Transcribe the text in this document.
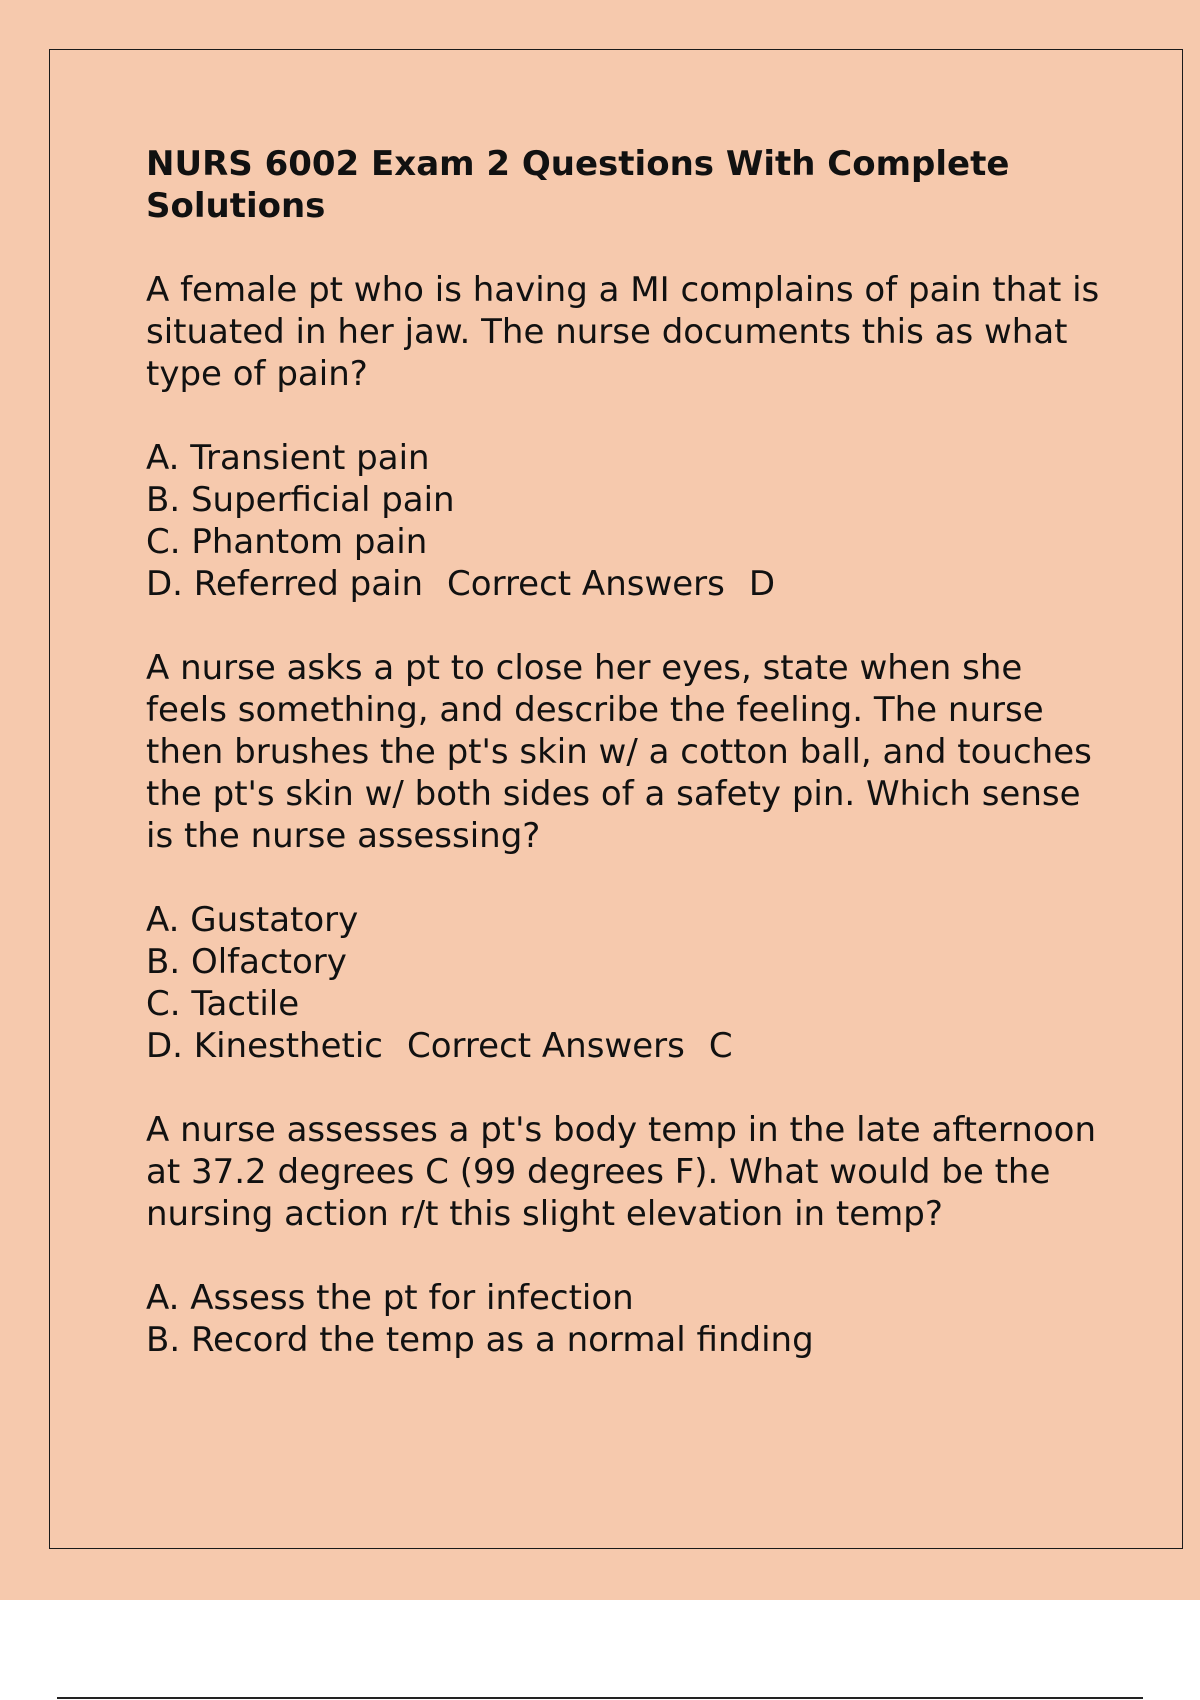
NURS 6002 Exam 2 Questions With Complete Solutions
A female pt who is having a MI complains of pain that is situated in her jaw. The nurse documents this as what type of pain?
A. Transient pain
B. Superficial pain
C. Phantom pain
D. Referred pain Correct Answers D
A nurse asks a pt to close her eyes, state when she feels something, and describe the feeling. The nurse then brushes the pt's skin w/ a cotton ball, and touches the pt's skin w/ both sides of a safety pin. Which sense is the nurse assessing?
A. Gustatory
B. Olfactory
C. Tactile
D. Kinesthetic Correct Answers C
A nurse assesses a pt's body temp in the late afternoon at 37.2 degrees C (99 degrees F). What would be the nursing action r/t this slight elevation in temp?
A. Assess the pt for infection
B. Record the temp as a normal finding
